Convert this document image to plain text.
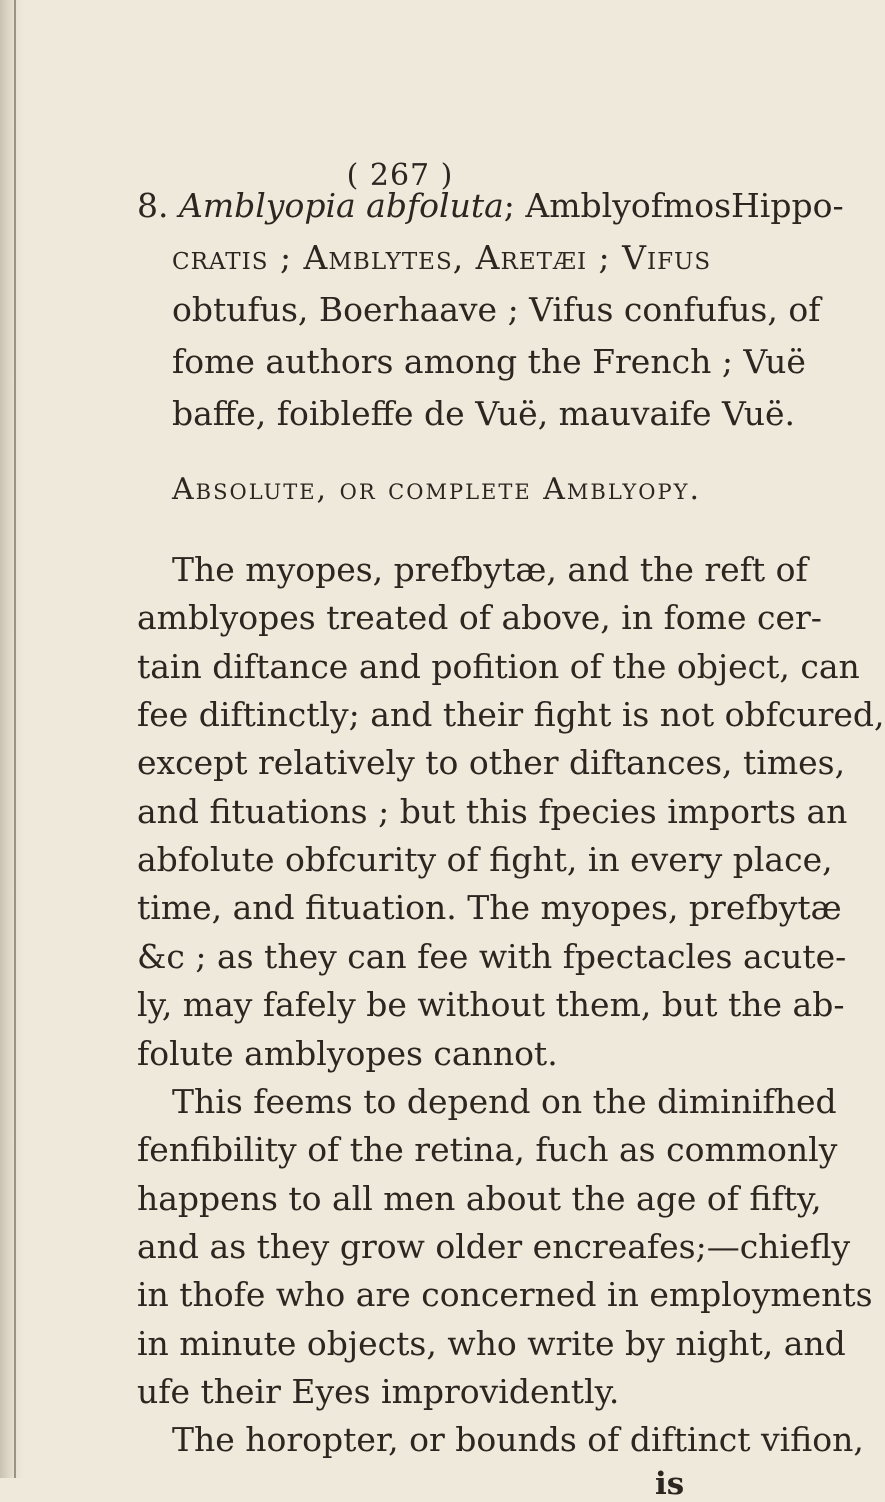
( 267 )
8. Amblyopia abfoluta; AmblyofmosHippo-
cratis ; Amblytes, Aretæi ; Vifus
obtufus, Boerhaave ; Vifus confufus, of
fome authors among the French ; Vuë
baffe, foibleffe de Vuë, mauvaife Vuë.
Absolute, or complete Amblyopy.
The myopes, prefbytæ, and the reft of
amblyopes treated of above, in fome cer-
tain diftance and pofition of the object, can
fee diftinctly; and their fight is not obfcured,
except relatively to other diftances, times,
and fituations ; but this fpecies imports an
abfolute obfcurity of fight, in every place,
time, and fituation. The myopes, prefbytæ
&c ; as they can fee with fpectacles acute-
ly, may fafely be without them, but the ab-
folute amblyopes cannot.
This feems to depend on the diminifhed
fenfibility of the retina, fuch as commonly
happens to all men about the age of fifty,
and as they grow older encreafes;—chiefly
in thofe who are concerned in employments
in minute objects, who write by night, and
ufe their Eyes improvidently.
The horopter, or bounds of diftinct vifion,
is
